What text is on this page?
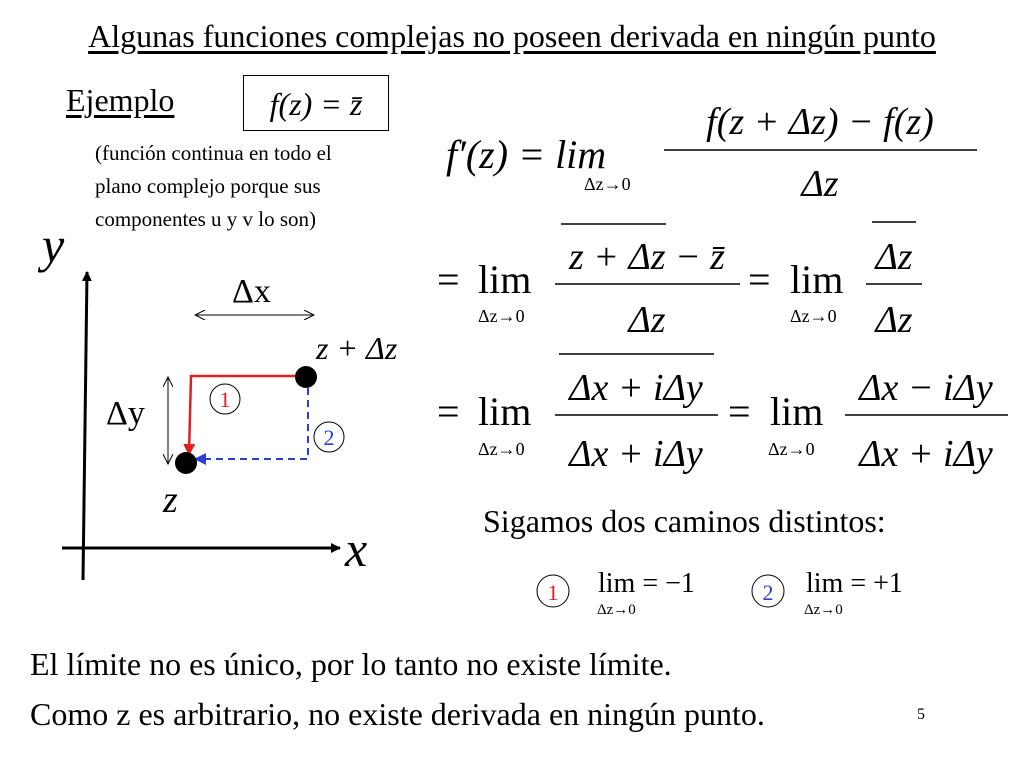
Algunas funciones complejas no poseen derivada en ningún punto
Ejemplo	f(z) = z̄
(función continua en todo el
plano complejo porque sus
componentes u y v lo son)
y
x
Δx
Δy
z + Δz
z
1
2
f′(z) = lim
Δz→0
f(z + Δz) − f(z)
Δz
= lim
Δz→0
z + Δz − z̄
Δz
= lim
Δz→0
Δz
Δz
= lim
Δz→0
Δx + iΔy
Δx + iΔy
= lim
Δz→0
Δx − iΔy
Δx + iΔy
1 lim = −1
Δz→0
2 lim = +1
Δz→0
Sigamos dos caminos distintos:
El límite no es único, por lo tanto no existe límite.
Como z es arbitrario, no existe derivada en ningún punto.	5
